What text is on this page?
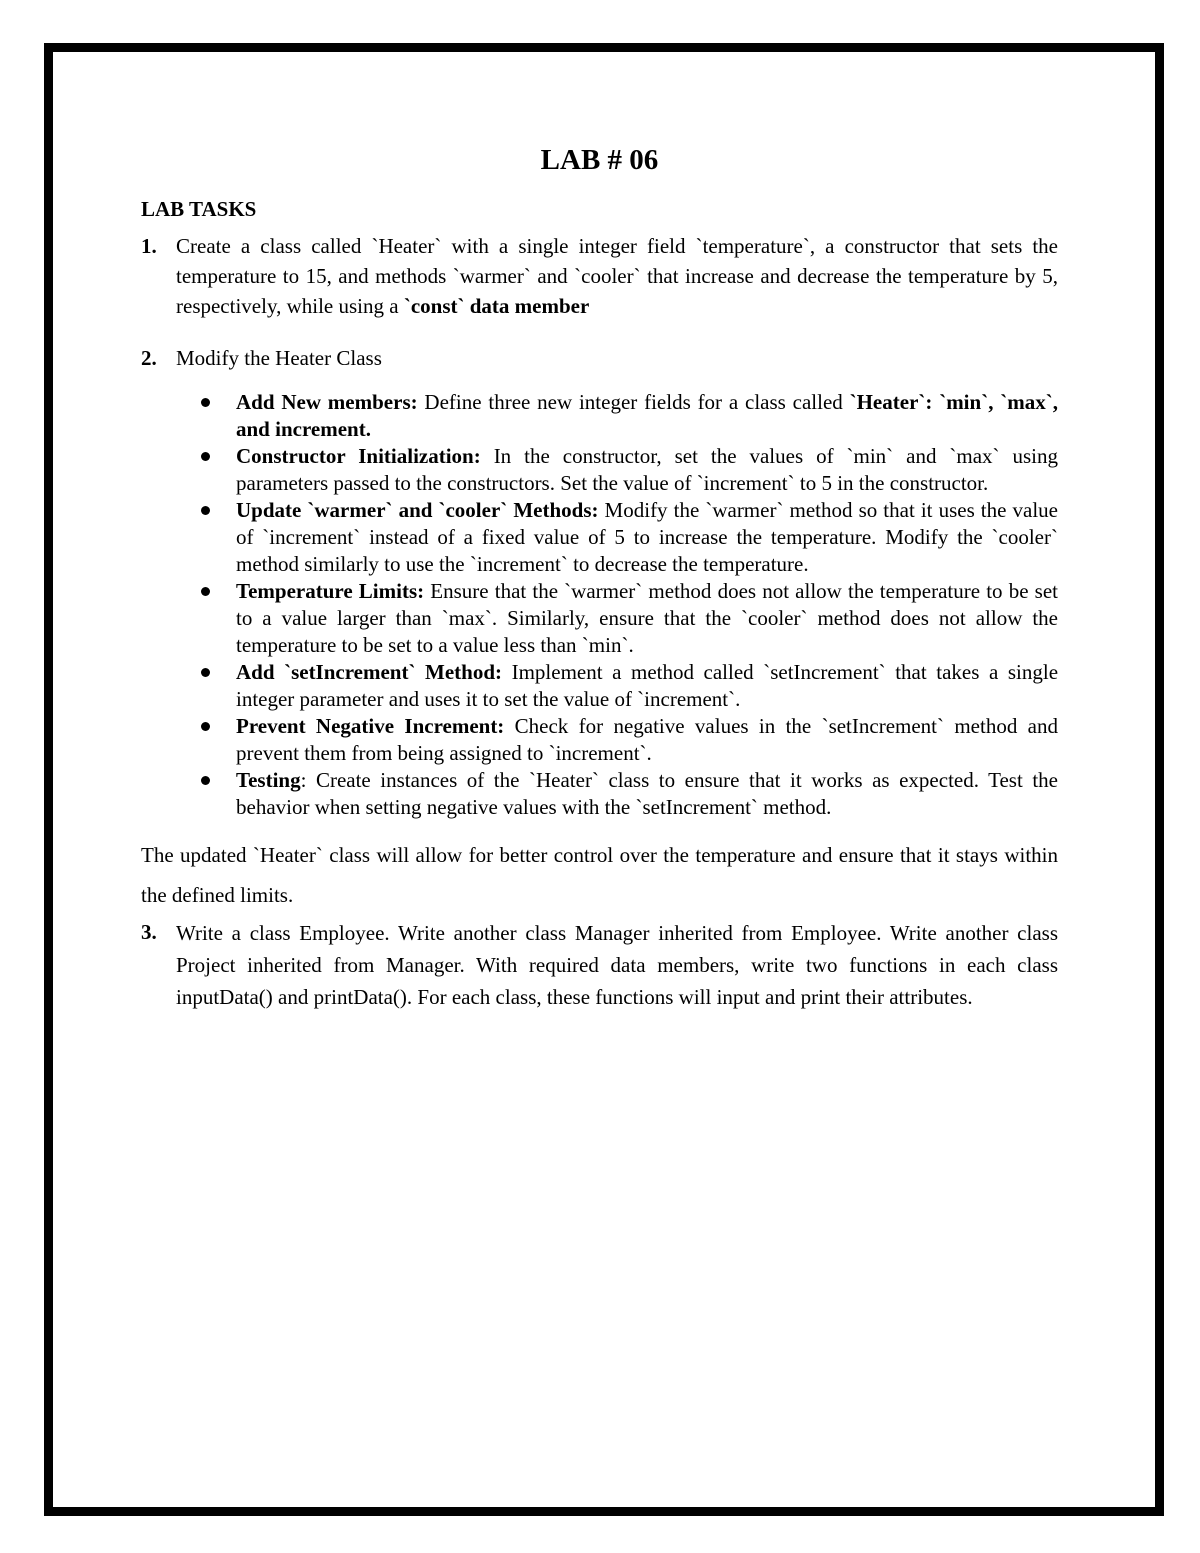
LAB # 06
LAB TASKS
1. Create a class called `Heater` with a single integer field `temperature`, a constructor that sets the temperature to 15, and methods `warmer` and `cooler` that increase and decrease the temperature by 5, respectively, while using a `const` data member
2. Modify the Heater Class
Add New members: Define three new integer fields for a class called `Heater`: `min`, `max`, and increment.
Constructor Initialization: In the constructor, set the values of `min` and `max` using parameters passed to the constructors. Set the value of `increment` to 5 in the constructor.
Update `warmer` and `cooler` Methods: Modify the `warmer` method so that it uses the value of `increment` instead of a fixed value of 5 to increase the temperature. Modify the `cooler` method similarly to use the `increment` to decrease the temperature.
Temperature Limits: Ensure that the `warmer` method does not allow the temperature to be set to a value larger than `max`. Similarly, ensure that the `cooler` method does not allow the temperature to be set to a value less than `min`.
Add `setIncrement` Method: Implement a method called `setIncrement` that takes a single integer parameter and uses it to set the value of `increment`.
Prevent Negative Increment: Check for negative values in the `setIncrement` method and prevent them from being assigned to `increment`.
Testing: Create instances of the `Heater` class to ensure that it works as expected. Test the behavior when setting negative values with the `setIncrement` method.

The updated `Heater` class will allow for better control over the temperature and ensure that it stays within the defined limits.

3. Write a class Employee. Write another class Manager inherited from Employee. Write another class Project inherited from Manager. With required data members, write two functions in each class inputData() and printData(). For each class, these functions will input and print their attributes.
